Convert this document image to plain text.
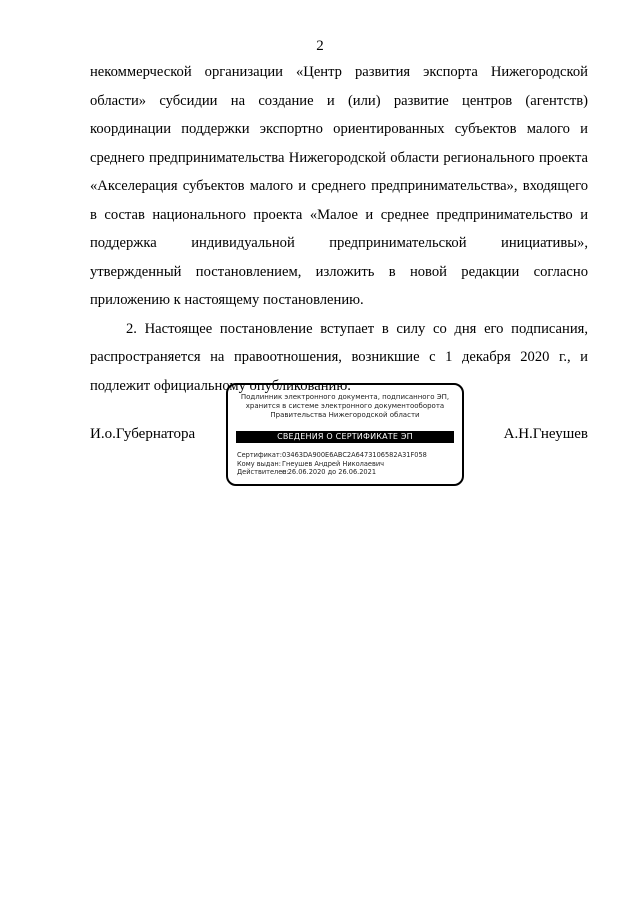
2

некоммерческой организации «Центр развития экспорта Нижегородской области» субсидии на создание и (или) развитие центров (агентств) координации поддержки экспортно ориентированных субъектов малого и среднего предпринимательства Нижегородской области регионального проекта «Акселерация субъектов малого и среднего предпринимательства», входящего в состав национального проекта «Малое и среднее предпринимательство и поддержка индивидуальной предпринимательской инициативы», утвержденный постановлением, изложить в новой редакции согласно приложению к настоящему постановлению.

2. Настоящее постановление вступает в силу со дня его подписания, распространяется на правоотношения, возникшие с 1 декабря 2020 г., и подлежит официальному опубликованию.

И.о.Губернатора	А.Н.Гнеушев
Подлинник электронного документа, подписанного ЭП,
хранится в системе электронного документооборота
Правительства Нижегородской области
СВЕДЕНИЯ О СЕРТИФИКАТЕ ЭП
Сертификат:03463DA900E6ABC2A6473106582A31F058
Кому выдан:Гнеушев Андрей Николаевич
Действителен:с 26.06.2020 до 26.06.2021
